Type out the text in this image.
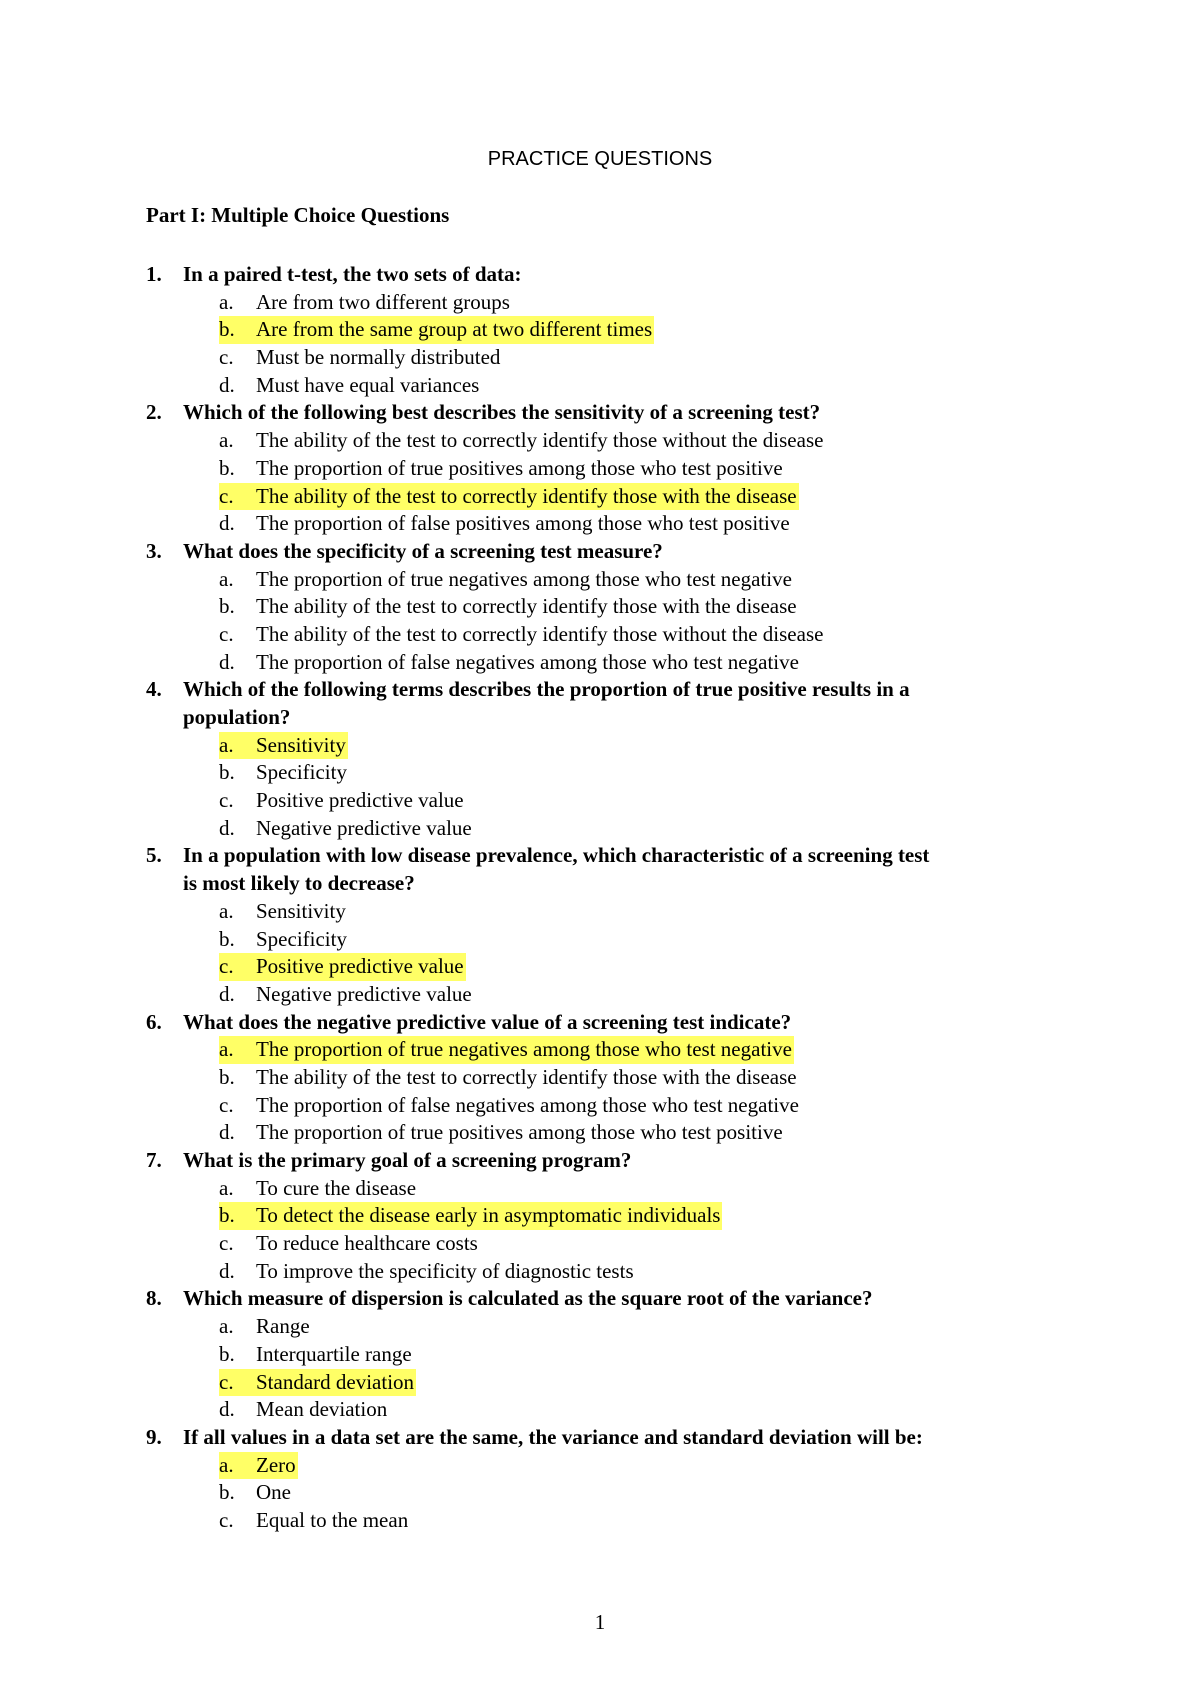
PRACTICE QUESTIONS
Part I: Multiple Choice Questions
1. In a paired t-test, the two sets of data:
a. Are from two different groups
b. Are from the same group at two different times
c. Must be normally distributed
d. Must have equal variances
2. Which of the following best describes the sensitivity of a screening test?
a. The ability of the test to correctly identify those without the disease
b. The proportion of true positives among those who test positive
c. The ability of the test to correctly identify those with the disease
d. The proportion of false positives among those who test positive
3. What does the specificity of a screening test measure?
a. The proportion of true negatives among those who test negative
b. The ability of the test to correctly identify those with the disease
c. The ability of the test to correctly identify those without the disease
d. The proportion of false negatives among those who test negative
4. Which of the following terms describes the proportion of true positive results in a
population?
a. Sensitivity
b. Specificity
c. Positive predictive value
d. Negative predictive value
5. In a population with low disease prevalence, which characteristic of a screening test
is most likely to decrease?
a. Sensitivity
b. Specificity
c. Positive predictive value
d. Negative predictive value
6. What does the negative predictive value of a screening test indicate?
a. The proportion of true negatives among those who test negative
b. The ability of the test to correctly identify those with the disease
c. The proportion of false negatives among those who test negative
d. The proportion of true positives among those who test positive
7. What is the primary goal of a screening program?
a. To cure the disease
b. To detect the disease early in asymptomatic individuals
c. To reduce healthcare costs
d. To improve the specificity of diagnostic tests
8. Which measure of dispersion is calculated as the square root of the variance?
a. Range
b. Interquartile range
c. Standard deviation
d. Mean deviation
9. If all values in a data set are the same, the variance and standard deviation will be:
a. Zero
b. One
c. Equal to the mean
1
